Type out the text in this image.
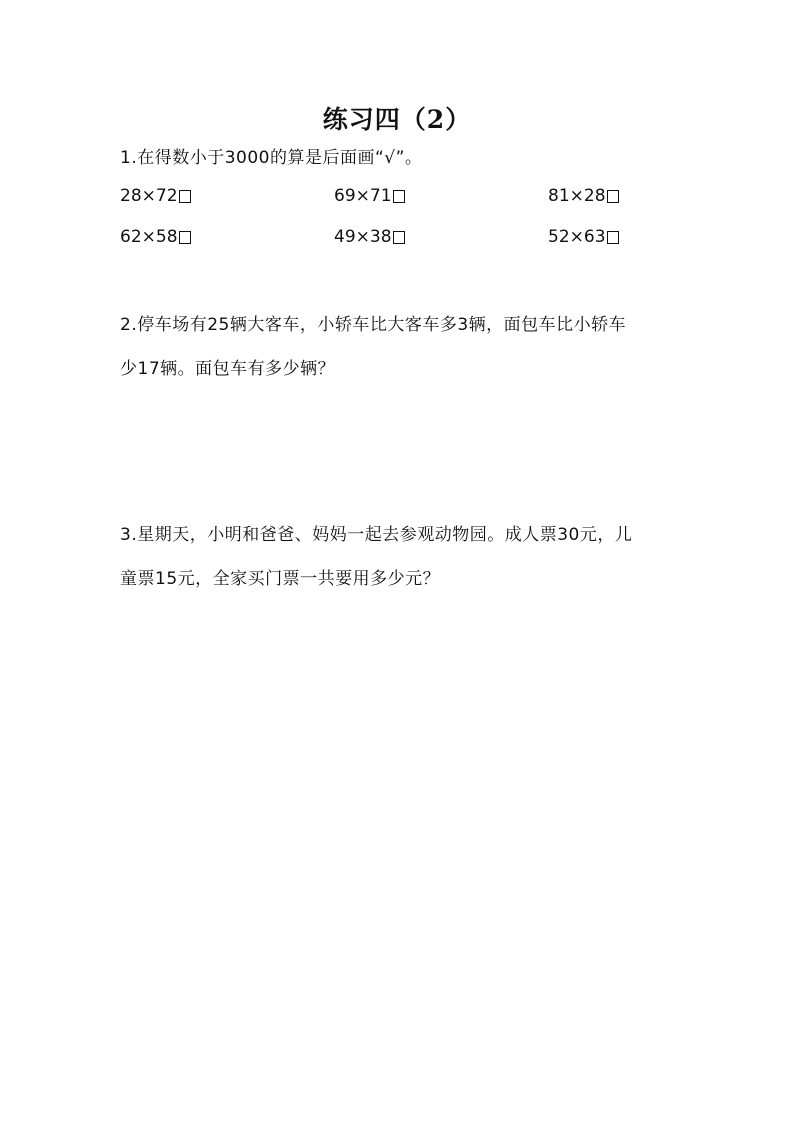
练习四（2）
1.在得数小于3000的算是后面画“√”。
28×72	69×71	81×28
62×58	49×38	52×63
2.停车场有25辆大客车，小轿车比大客车多3辆，面包车比小轿车
少17辆。面包车有多少辆？
3.星期天，小明和爸爸、妈妈一起去参观动物园。成人票30元，儿
童票15元，全家买门票一共要用多少元？
